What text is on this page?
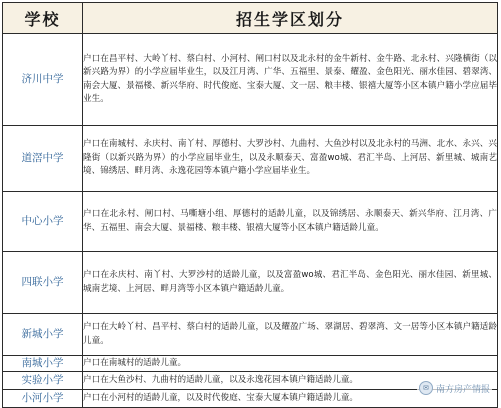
学校	招生学区划分
济川中学	户口在昌平村、大岭丫村、蔡白村、小河村、闸口村以及北永村的金牛新村、金牛路、北永村、兴隆横街（以新兴路为界）的小学应届毕业生，以及江月湾、广华、五福里、景泰、耀盈、金色阳光、丽水佳园、碧翠湾、南会大厦、景福楼、新兴华府、时代俊庭、宝泰大厦、文一居、粮丰楼、银禧大厦等小区本镇户籍小学应届毕业生。
道滘中学	户口在南城村、永庆村、南丫村、厚德村、大罗沙村、九曲村、大鱼沙村以及北永村的马洲、北水、永兴、兴隆街（以新兴路为界）的小学应届毕业生，以及永顺泰天、富盈wo城、君汇半岛、上河居、新里城、城南艺境、锦绣居、畔月湾、永逸花园等本镇户籍小学应届毕业生。
中心小学	户口在北永村、闸口村、马嘶塘小组、厚德村的适龄儿童，以及锦绣居、永顺泰天、新兴华府、江月湾、广华、五福里、南会大厦、景福楼、粮丰楼、银禧大厦等小区本镇户籍适龄儿童。
四联小学	户口在永庆村、南丫村、大罗沙村的适龄儿童，以及富盈wo城、君汇半岛、金色阳光、丽水佳园、新里城、城南艺境、上河居、畔月湾等小区本镇户籍适龄儿童。
新城小学	户口在大岭丫村、昌平村、蔡白村的适龄儿童，以及耀盈广场、翠湖居、碧翠湾、文一居等小区本镇户籍适龄儿童。
南城小学	户口在南城村的适龄儿童。
实验小学	户口在大鱼沙村、九曲村的适龄儿童，以及永逸花园本镇户籍适龄儿童。
小河小学	户口在小河村的适龄儿童，以及时代俊庭、宝泰大厦本镇户籍适龄儿童。
✉ 南方房产情报
